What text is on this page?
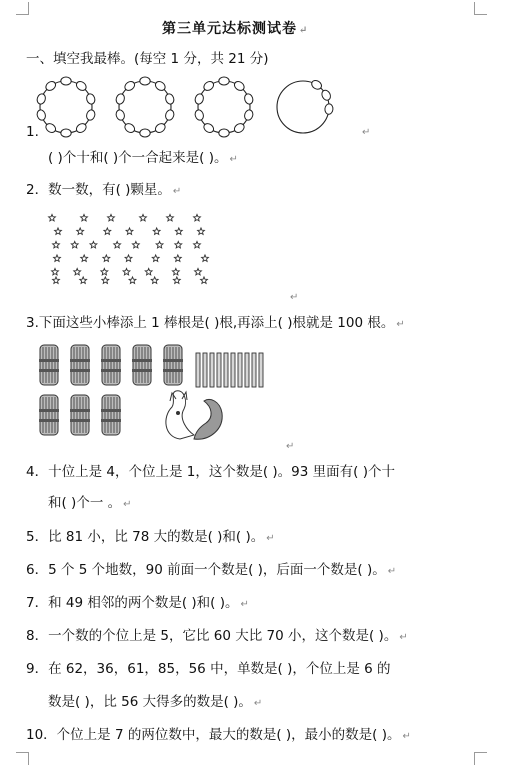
第三单元达标测试卷 ↵
一、填空我最棒。(每空 1 分，共 21 分)
1.	↵
( )个十和( )个一合起来是( )。 ↵
2．数一数，有( )颗星。 ↵
↵
3.下面这些小棒添上 1 棒根是( )根,再添上( )根就是 100 根。 ↵
↵
4．十位上是 4，个位上是 1，这个数是( )。93 里面有( )个十
和( )个一 。 ↵
5．比 81 小，比 78 大的数是( )和( )。 ↵
6．5 个 5 个地数，90 前面一个数是( )，后面一个数是( )。 ↵
7．和 49 相邻的两个数是( )和( )。 ↵
8．一个数的个位上是 5，它比 60 大比 70 小，这个数是( )。 ↵
9．在 62，36，61，85，56 中，单数是( )，个位上是 6 的
数是( )，比 56 大得多的数是( )。 ↵
10．个位上是 7 的两位数中，最大的数是( )，最小的数是( )。 ↵
